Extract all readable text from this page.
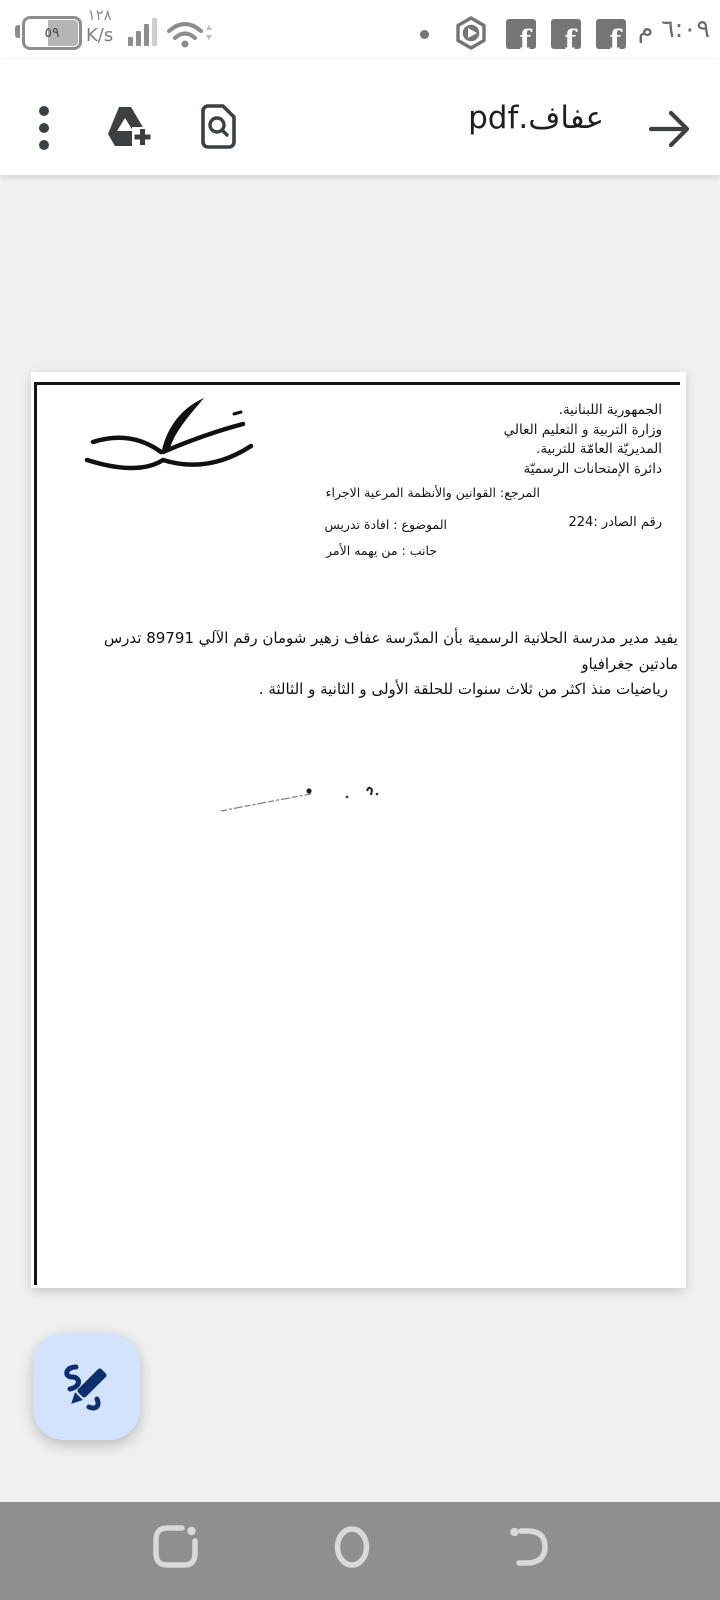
٥٩
١٢٨
K/s	f f f ٦:٠٩ م
عفاف.pdf
الجمهورية اللبنانية.
وزارة التربية و التعليم العالي
المديريّة العامّة للتربية.
دائرة الإمتحانات الرسميّة
المرجع: القوانين والأنظمة المرعية الاجراء
رقم الصادر :224
الموضوع : افادة تدريس
جانب : من يهمه الأمر
يفيد مدير مدرسة الحلانية الرسمية بأن المدّرسة عفاف زهير شومان رقم الآلي 89791 تدرس مادتين جغرافياو
رياضيات منذ اكثر من ثلاث سنوات للحلقة الأولى و الثانية و الثالثة .
